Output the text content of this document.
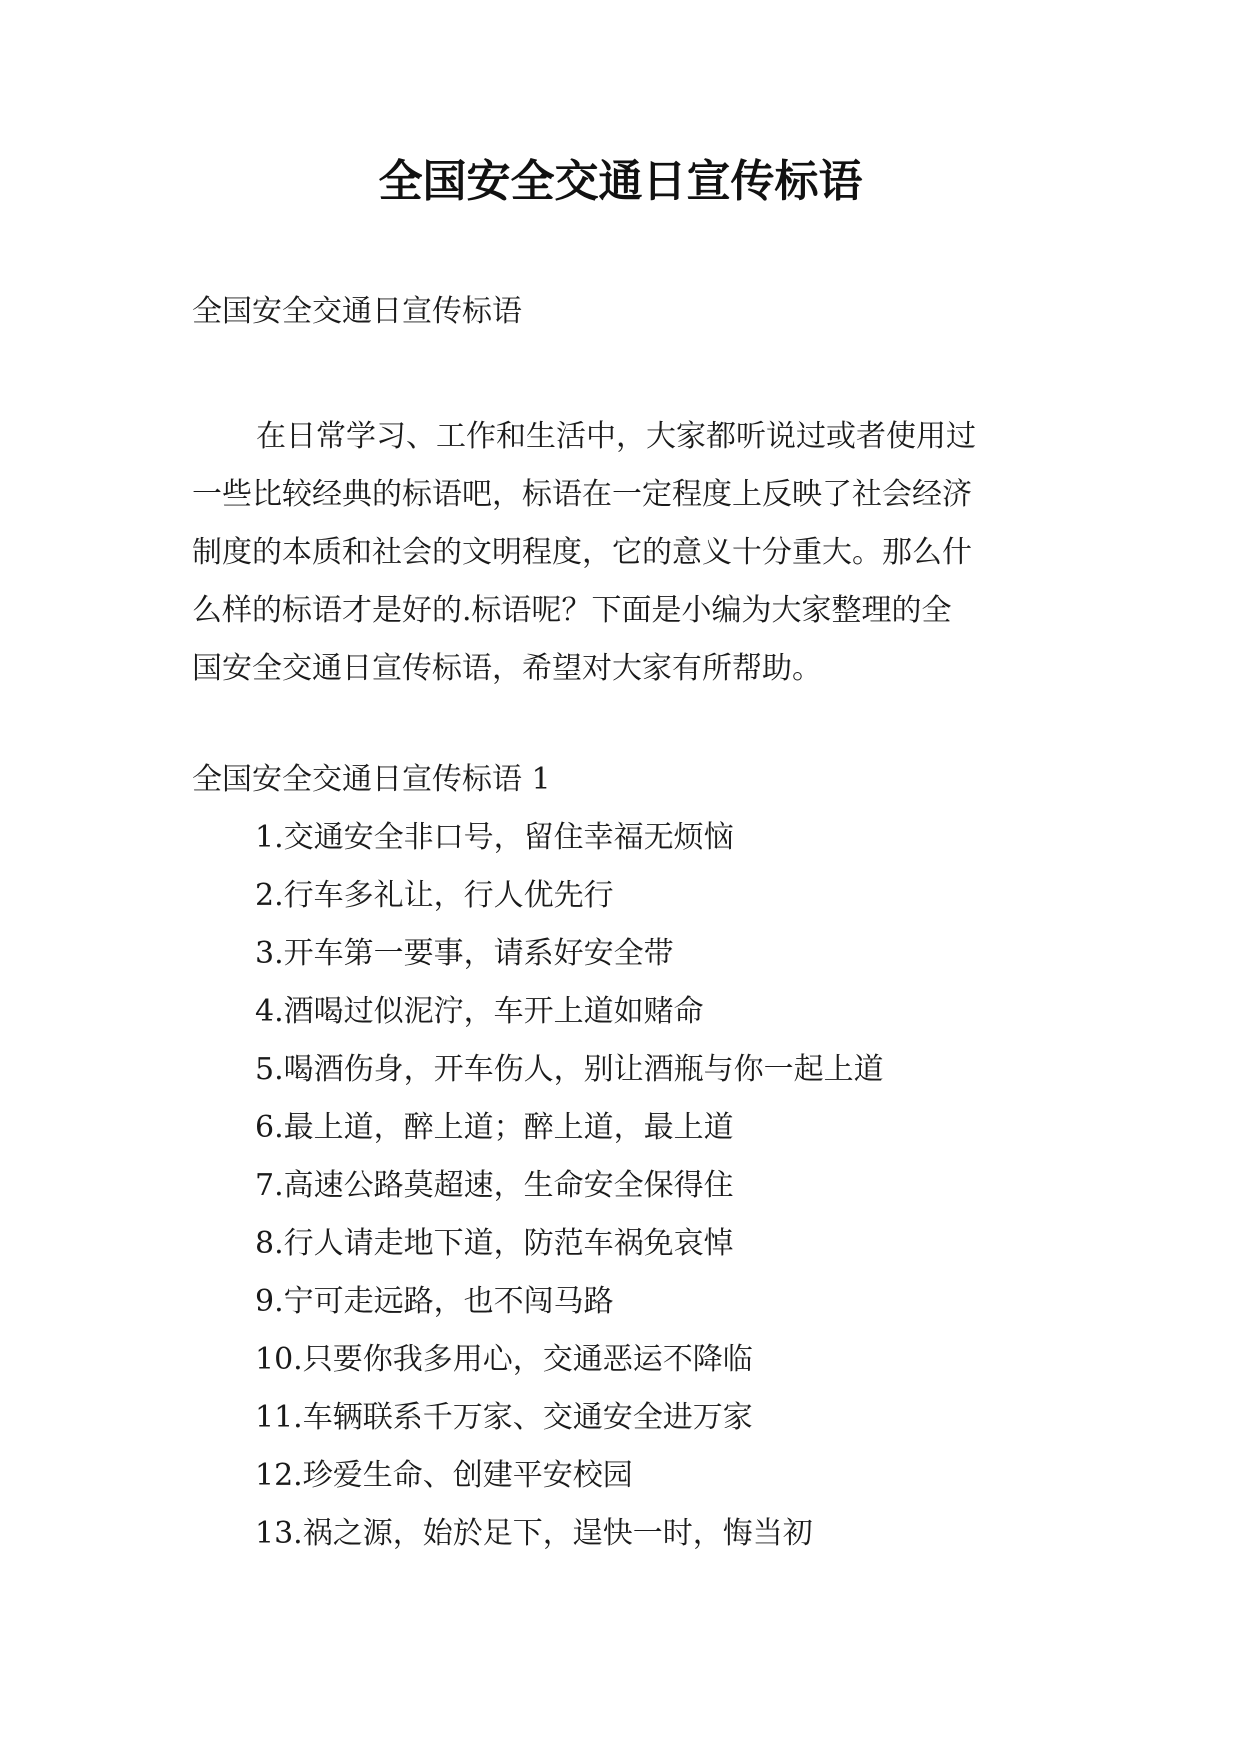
全国安全交通日宣传标语

全国安全交通日宣传标语

在日常学习、工作和生活中，大家都听说过或者使用过
一些比较经典的标语吧，标语在一定程度上反映了社会经济
制度的本质和社会的文明程度，它的意义十分重大。那么什
么样的标语才是好的.标语呢？下面是小编为大家整理的全
国安全交通日宣传标语，希望对大家有所帮助。

全国安全交通日宣传标语 1

1.交通安全非口号，留住幸福无烦恼
2.行车多礼让，行人优先行
3.开车第一要事，请系好安全带
4.酒喝过似泥泞，车开上道如赌命
5.喝酒伤身，开车伤人，别让酒瓶与你一起上道
6.最上道，醉上道；醉上道，最上道
7.高速公路莫超速，生命安全保得住
8.行人请走地下道，防范车祸免哀悼
9.宁可走远路，也不闯马路
10.只要你我多用心，交通恶运不降临
11.车辆联系千万家、交通安全进万家
12.珍爱生命、创建平安校园
13.祸之源，始於足下，逞快一时，悔当初
